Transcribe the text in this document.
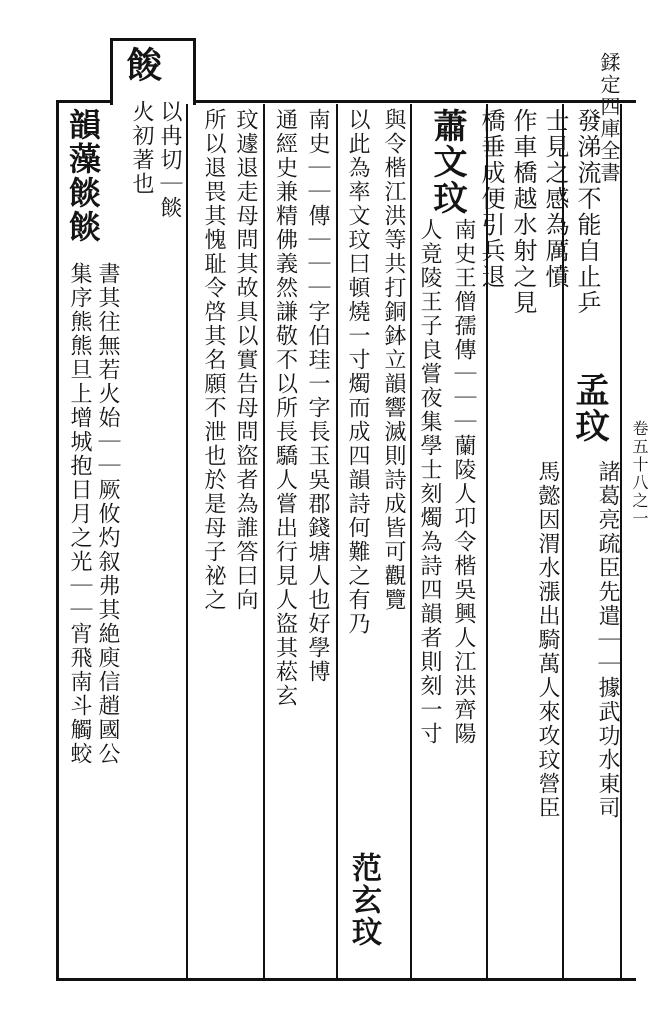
餕
卷五十八之一
鍒定四庫全書
發涕流不能自止乒
士見之感為厲憤
作車橋越水射之見
橋垂成便引兵退
孟玟
諸葛亮疏臣先遣｜｜據武功水東司
馬懿因渭水漲出騎萬人來攻玟營臣
蕭文玟
南史王僧孺傳｜｜｜蘭陵人卭令楷吳興人江洪齊陽
人竟陵王子良嘗夜集學士刻燭為詩四韻者則刻一寸
與令楷江洪等共打銅鉢立韻響滅則詩成皆可觀覽
以此為率文玟曰頓燒一寸燭而成四韻詩何難之有乃
范玄玟
南史｜｜傳｜｜｜字伯珪一字長玉吳郡錢塘人也好學博
通經史兼精佛義然謙敬不以所長驕人嘗出行見人盜其菘玄
玟遽退走母問其故具以實告母問盜者為誰答曰向
所以退畏其愧耻令啓其名願不泄也於是母子祕之
以冉切｜餤
火初著也
韻藻餤餤
書其往無若火始｜｜厥攸灼叙弗其絶庾信趙國公
集序熊熊旦上增城抱日月之光｜｜宵飛南斗觸蛟
